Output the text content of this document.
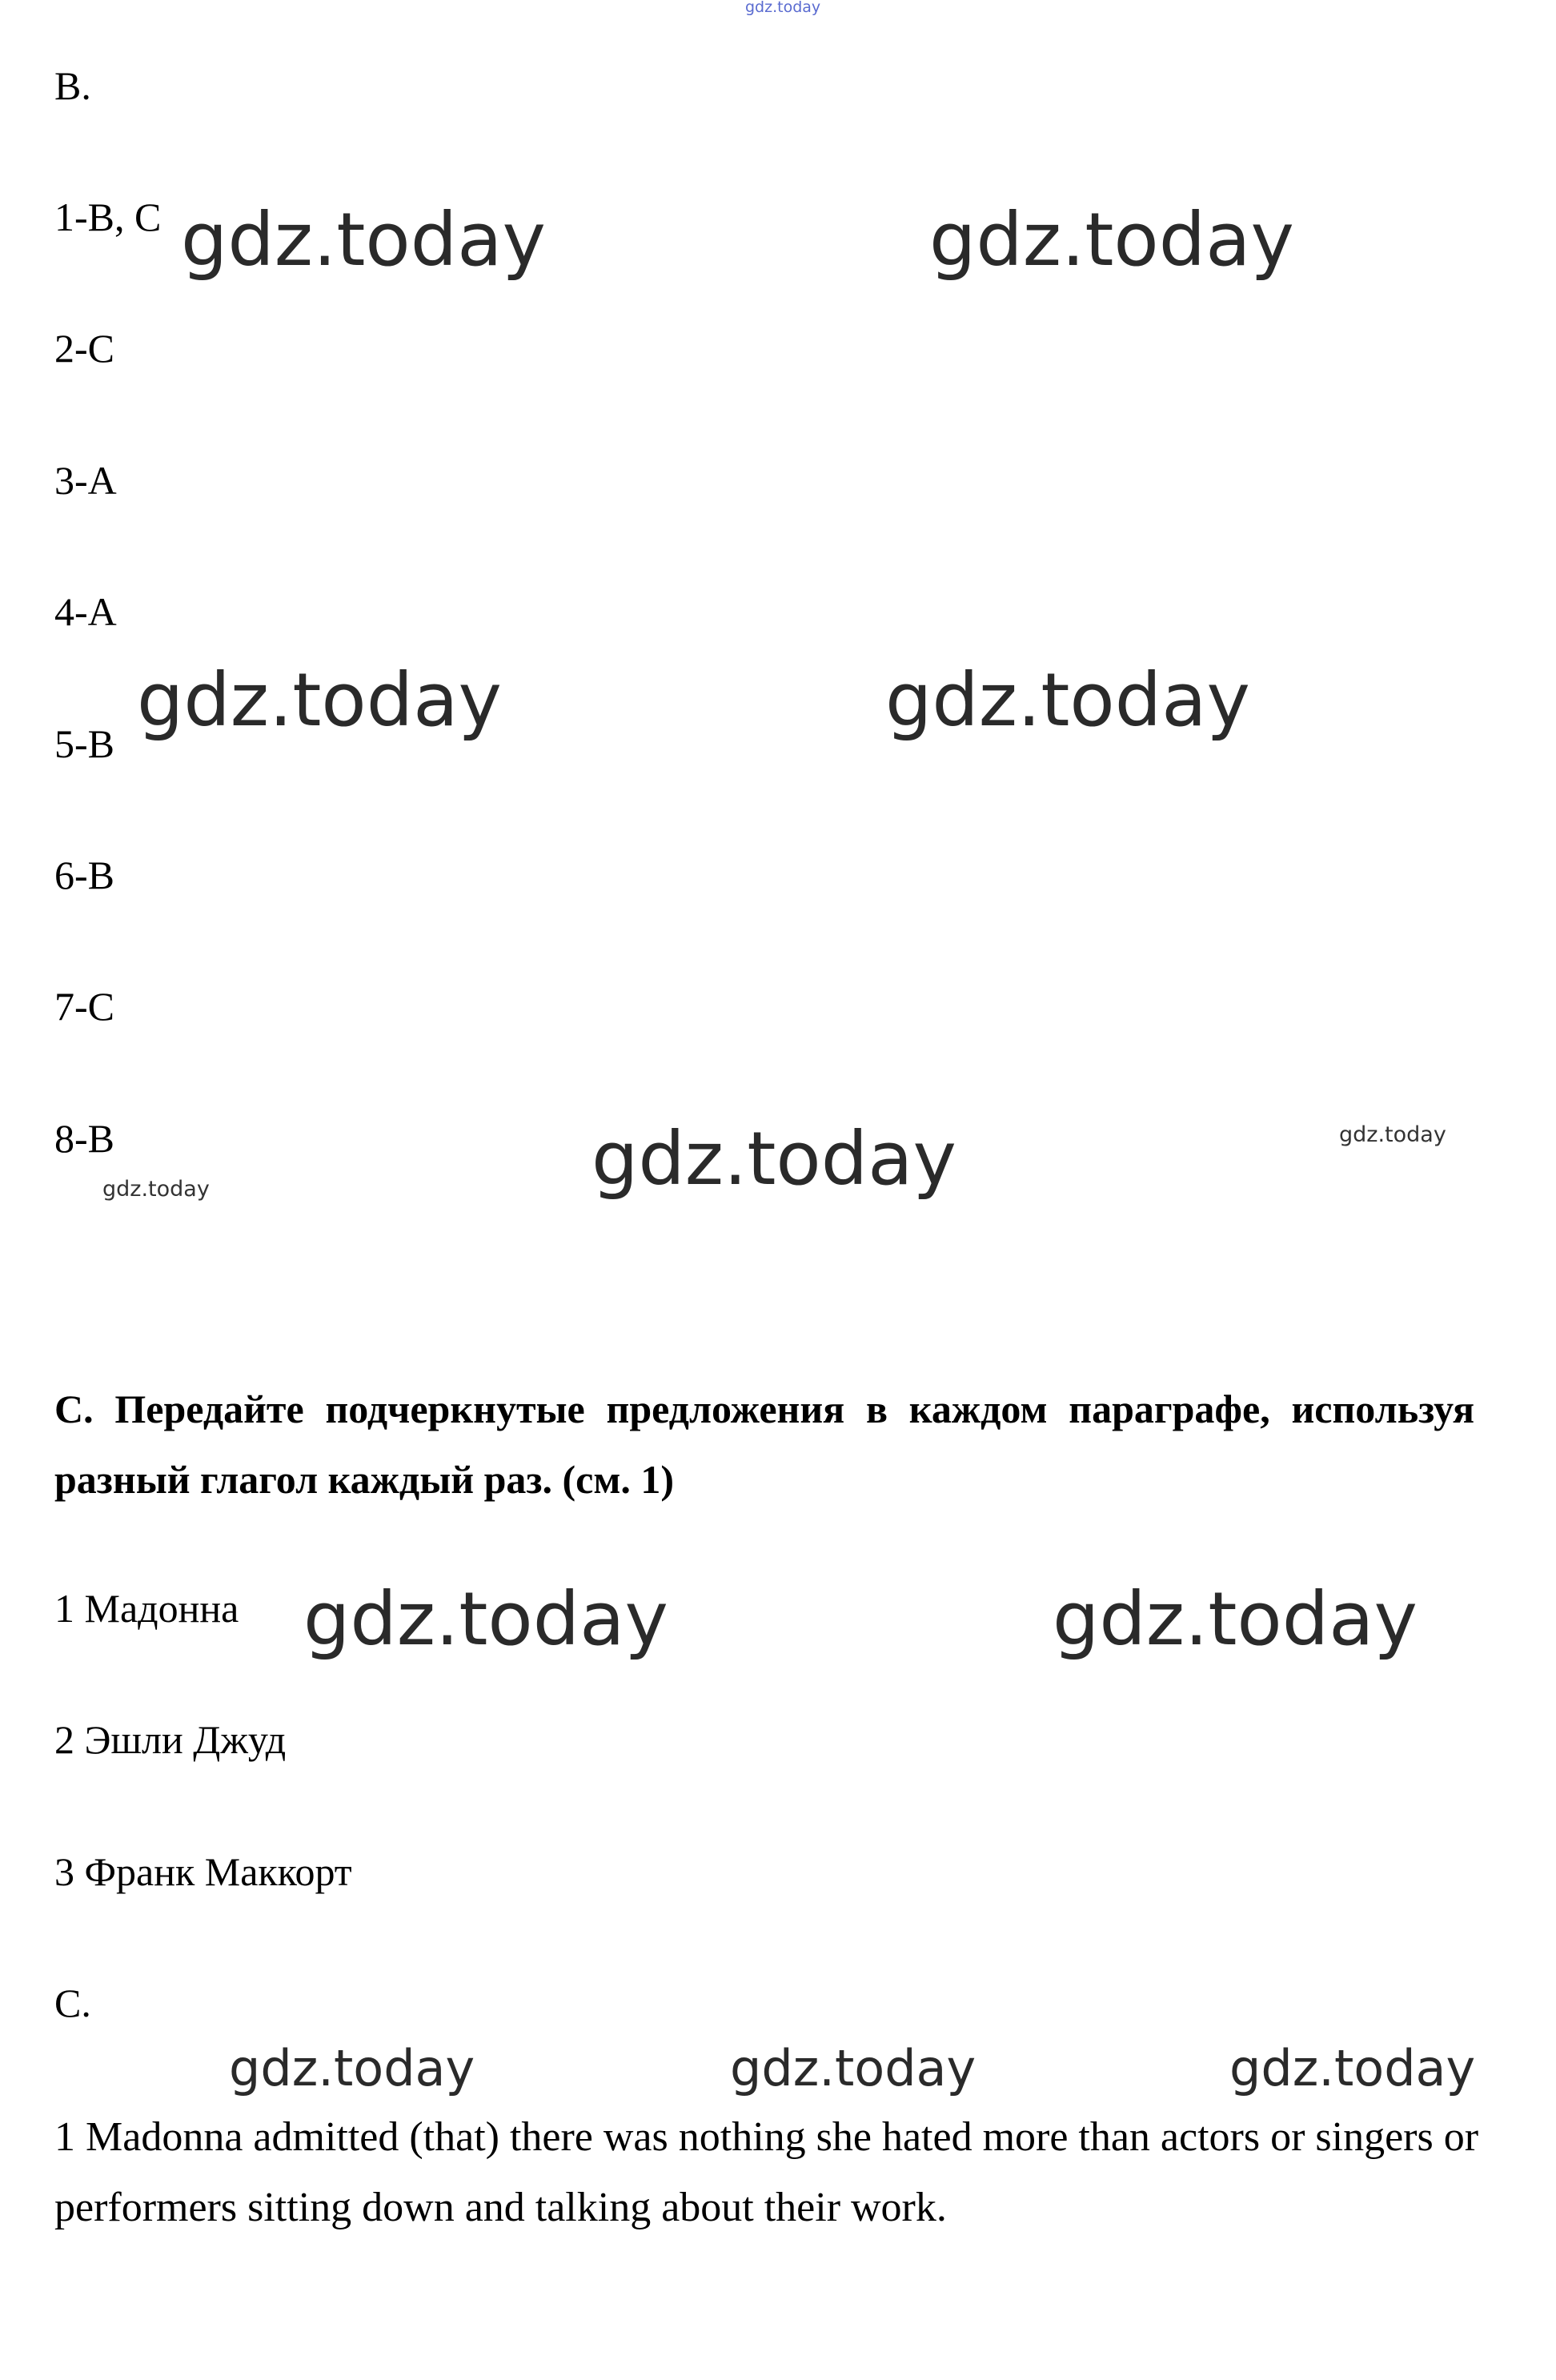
gdz.today
B.
1-B, C
2-C
3-A
4-A
5-B
6-B
7-C
8-B
C. Передайте подчеркнутые предложения в каждом параграфе, используя разный глагол каждый раз. (см. 1)
1 Мадонна
2 Эшли Джуд
3 Франк Маккорт
C.
1 Madonna admitted (that) there was nothing she hated more than actors or singers or performers sitting down and talking about their work.
gdz.today	gdz.today
gdz.today	gdz.today
gdz.today	gdz.today
gdz.today
gdz.today	gdz.today
gdz.today	gdz.today	gdz.today
